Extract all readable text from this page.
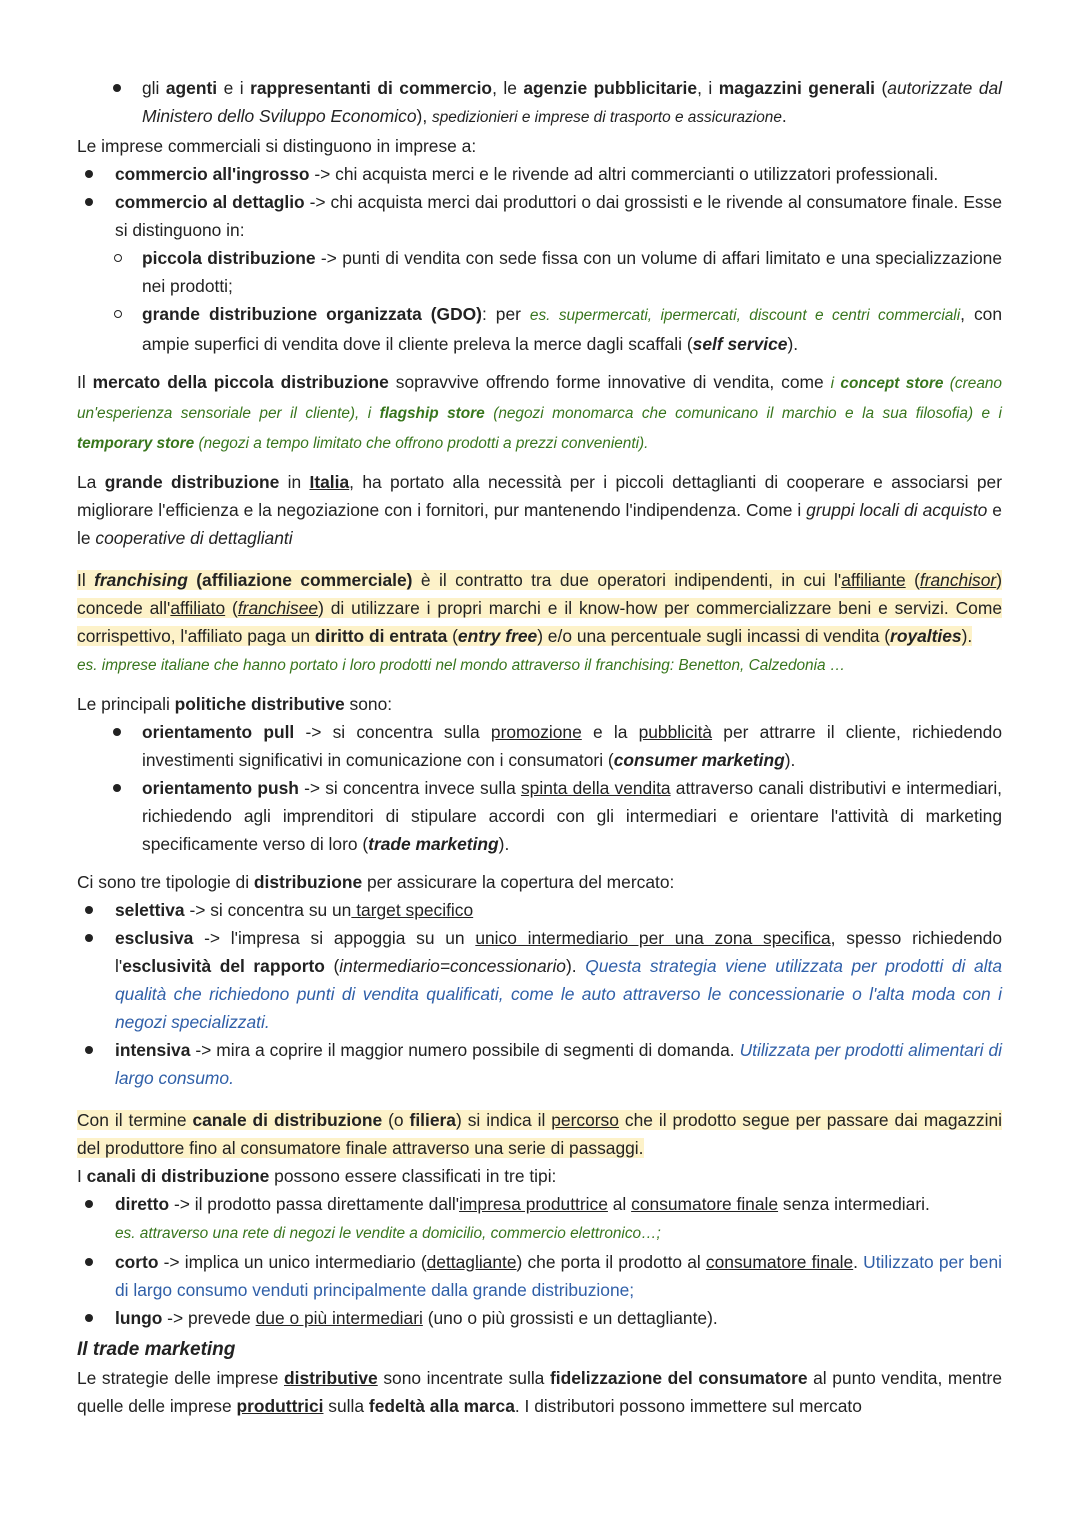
gli agenti e i rappresentanti di commercio, le agenzie pubblicitarie, i magazzini generali (autorizzate dal Ministero dello Sviluppo Economico), spedizionieri e imprese di trasporto e assicurazione.

Le imprese commerciali si distinguono in imprese a:

commercio all'ingrosso -> chi acquista merci e le rivende ad altri commercianti o utilizzatori professionali.
commercio al dettaglio -> chi acquista merci dai produttori o dai grossisti e le rivende al consumatore finale. Esse si distinguono in:
piccola distribuzione -> punti di vendita con sede fissa con un volume di affari limitato e una specializzazione nei prodotti;
grande distribuzione organizzata (GDO): per es. supermercati, ipermercati, discount e centri commerciali, con ampie superfici di vendita dove il cliente preleva la merce dagli scaffali (self service).

Il mercato della piccola distribuzione sopravvive offrendo forme innovative di vendita, come i concept store (creano un'esperienza sensoriale per il cliente), i flagship store (negozi monomarca che comunicano il marchio e la sua filosofia) e i temporary store (negozi a tempo limitato che offrono prodotti a prezzi convenienti).

La grande distribuzione in Italia, ha portato alla necessità per i piccoli dettaglianti di cooperare e associarsi per migliorare l'efficienza e la negoziazione con i fornitori, pur mantenendo l'indipendenza. Come i gruppi locali di acquisto e le cooperative di dettaglianti

Il franchising (affiliazione commerciale) è il contratto tra due operatori indipendenti, in cui l'affiliante (franchisor) concede all'affiliato (franchisee) di utilizzare i propri marchi e il know-how per commercializzare beni e servizi. Come corrispettivo, l'affiliato paga un diritto di entrata (entry free) e/o una percentuale sugli incassi di vendita (royalties).

es. imprese italiane che hanno portato i loro prodotti nel mondo attraverso il franchising: Benetton, Calzedonia …

Le principali politiche distributive sono:

orientamento pull -> si concentra sulla promozione e la pubblicità per attrarre il cliente, richiedendo investimenti significativi in comunicazione con i consumatori (consumer marketing).
orientamento push -> si concentra invece sulla spinta della vendita attraverso canali distributivi e intermediari, richiedendo agli imprenditori di stipulare accordi con gli intermediari e orientare l'attività di marketing specificamente verso di loro (trade marketing).

Ci sono tre tipologie di distribuzione per assicurare la copertura del mercato:

selettiva -> si concentra su un target specifico
esclusiva -> l'impresa si appoggia su un unico intermediario per una zona specifica, spesso richiedendo l'esclusività del rapporto (intermediario=concessionario). Questa strategia viene utilizzata per prodotti di alta qualità che richiedono punti di vendita qualificati, come le auto attraverso le concessionarie o l'alta moda con i negozi specializzati.
intensiva -> mira a coprire il maggior numero possibile di segmenti di domanda. Utilizzata per prodotti alimentari di largo consumo.

Con il termine canale di distribuzione (o filiera) si indica il percorso che il prodotto segue per passare dai magazzini del produttore fino al consumatore finale attraverso una serie di passaggi.

I canali di distribuzione possono essere classificati in tre tipi:

diretto -> il prodotto passa direttamente dall'impresa produttrice al consumatore finale senza intermediari.
es. attraverso una rete di negozi le vendite a domicilio, commercio elettronico…;
corto -> implica un unico intermediario (dettagliante) che porta il prodotto al consumatore finale. Utilizzato per beni di largo consumo venduti principalmente dalla grande distribuzione;
lungo -> prevede due o più intermediari (uno o più grossisti e un dettagliante).
Il trade marketing

Le strategie delle imprese distributive sono incentrate sulla fidelizzazione del consumatore al punto vendita, mentre quelle delle imprese produttrici sulla fedeltà alla marca. I distributori possono immettere sul mercato
